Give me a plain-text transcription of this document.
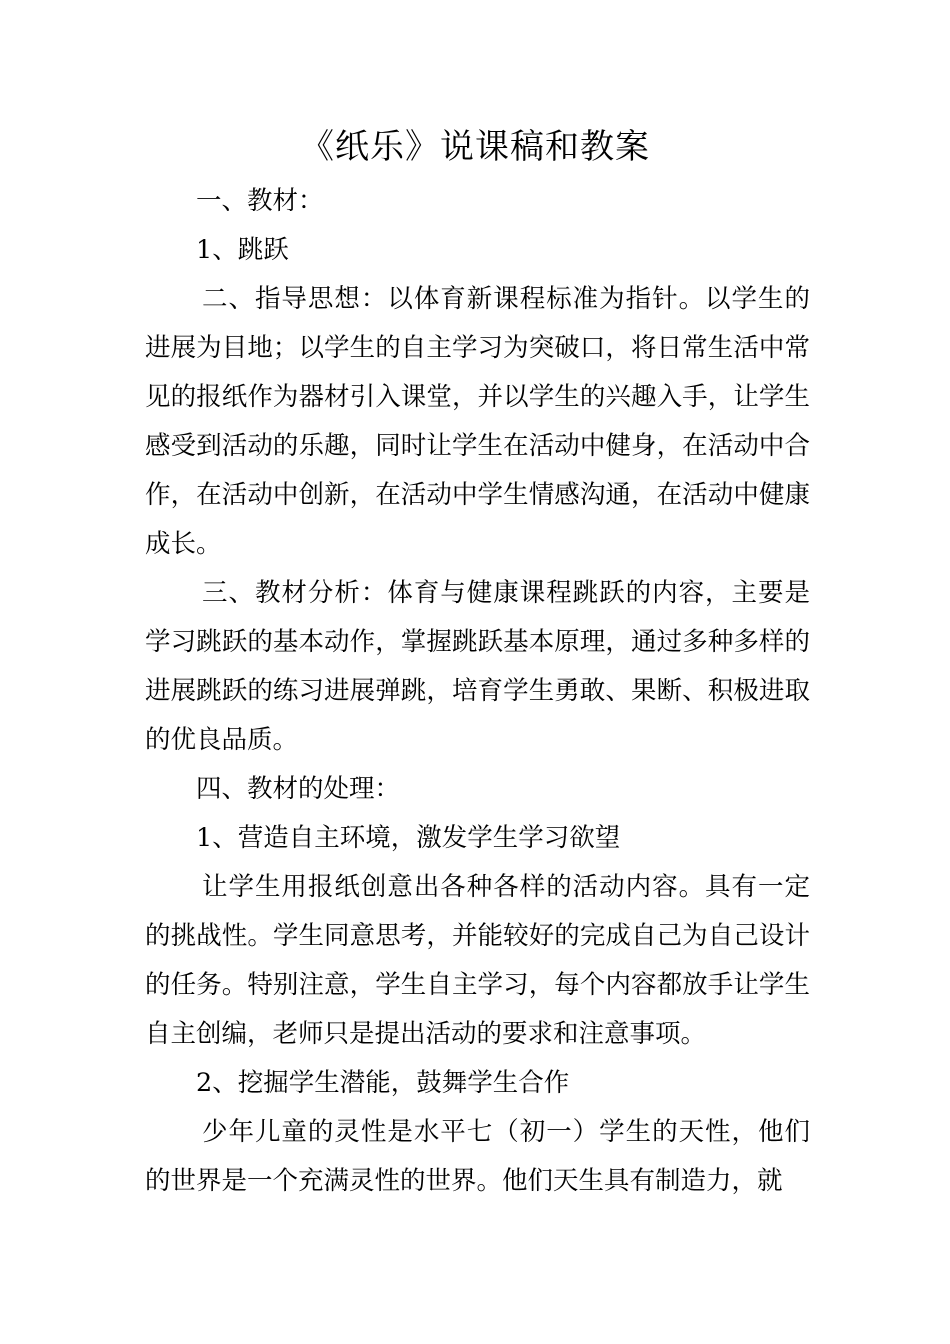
《纸乐》说课稿和教案

一、教材：

1、跳跃

二、指导思想：以体育新课程标准为指针。以学生的进展为目地；以学生的自主学习为突破口，将日常生活中常见的报纸作为器材引入课堂，并以学生的兴趣入手，让学生感受到活动的乐趣，同时让学生在活动中健身，在活动中合作，在活动中创新，在活动中学生情感沟通，在活动中健康成长。

三、教材分析：体育与健康课程跳跃的内容，主要是学习跳跃的基本动作，掌握跳跃基本原理，通过多种多样的进展跳跃的练习进展弹跳，培育学生勇敢、果断、积极进取的优良品质。

四、教材的处理：

1、营造自主环境，激发学生学习欲望

让学生用报纸创意出各种各样的活动内容。具有一定的挑战性。学生同意思考，并能较好的完成自己为自己设计的任务。特别注意，学生自主学习，每个内容都放手让学生自主创编，老师只是提出活动的要求和注意事项。

2、挖掘学生潜能，鼓舞学生合作

少年儿童的灵性是水平七（初一）学生的天性，他们的世界是一个充满灵性的世界。他们天生具有制造力，就
